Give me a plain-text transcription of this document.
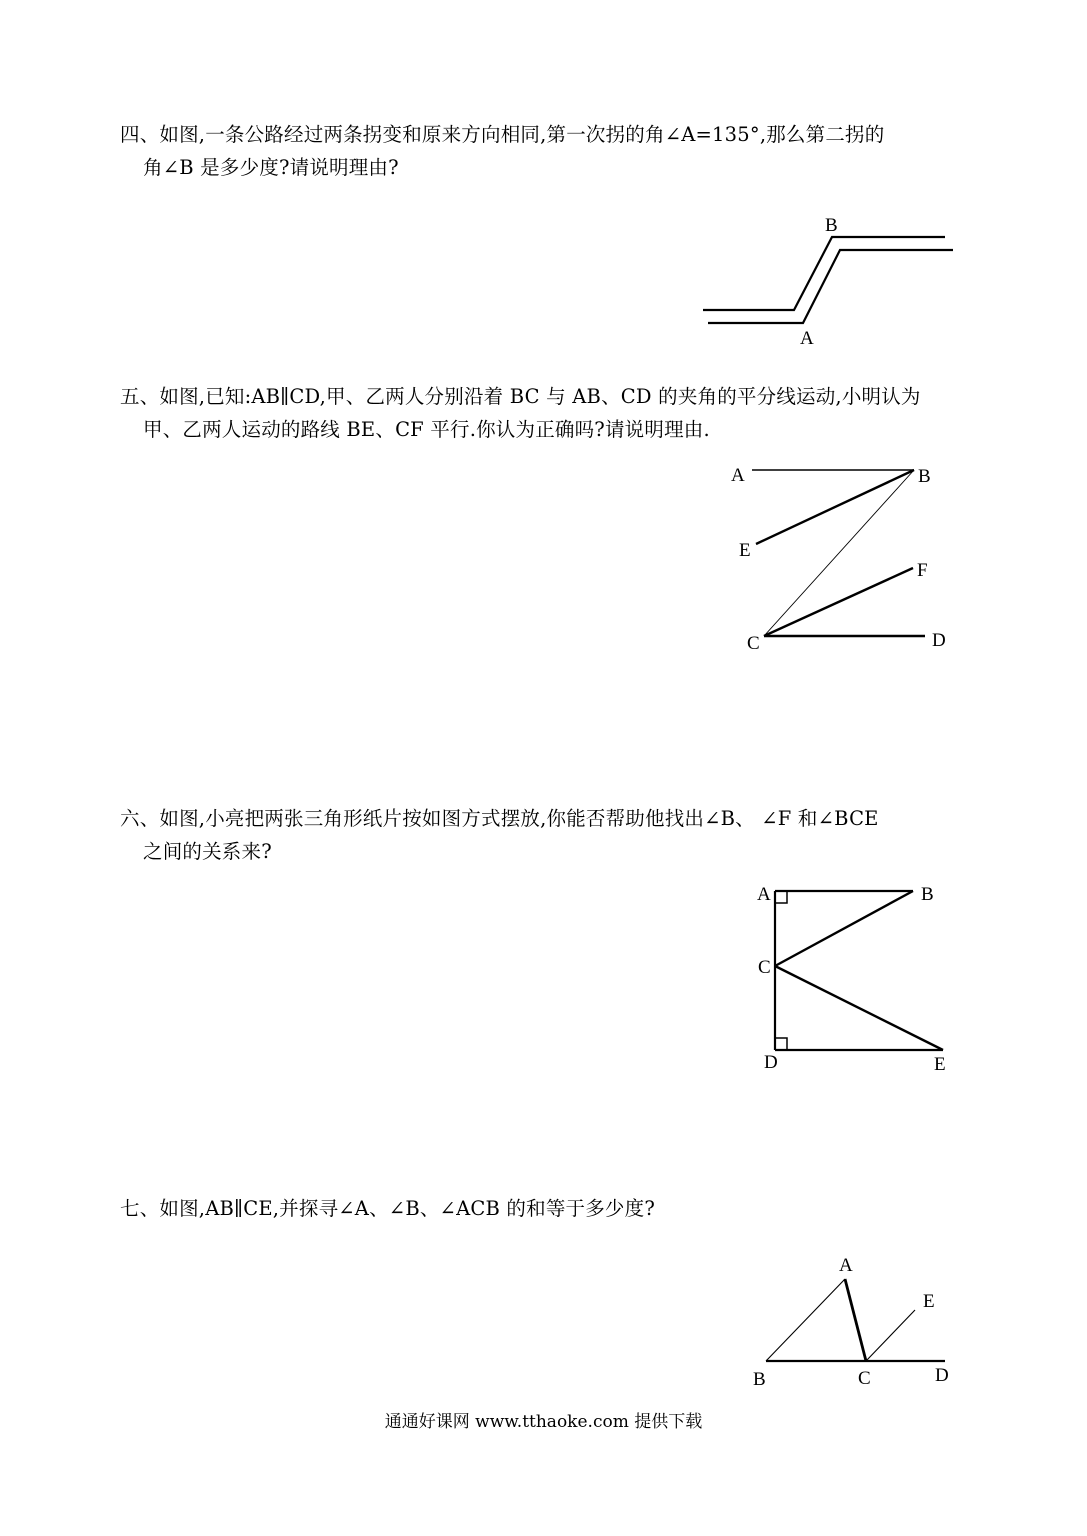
四、如图,一条公路经过两条拐变和原来方向相同,第一次拐的角∠A=135°,那么第二拐的
角∠B 是多少度?请说明理由?
B
A
五、如图,已知:AB∥CD,甲、乙两人分别沿着 BC 与 AB、CD 的夹角的平分线运动,小明认为
甲、乙两人运动的路线 BE、CF 平行.你认为正确吗?请说明理由.
A	B
E
F
C	D
六、如图,小亮把两张三角形纸片按如图方式摆放,你能否帮助他找出∠B、 ∠F 和∠BCE
之间的关系来?
A	B
C
D	E
七、如图,AB∥CE,并探寻∠A、∠B、∠ACB 的和等于多少度?
A
E
B	C	D
通通好课网 www.tthaoke.com 提供下载
